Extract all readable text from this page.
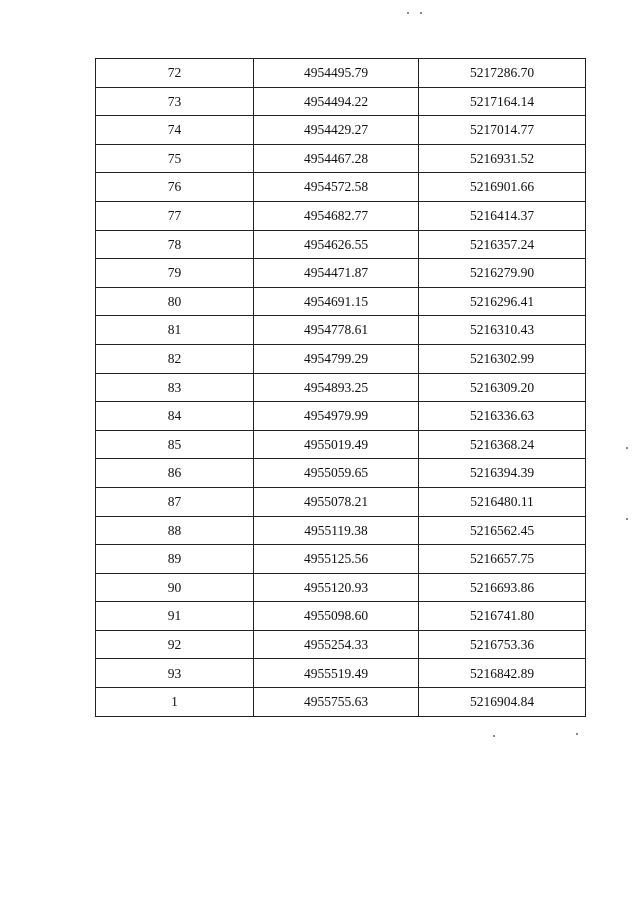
72	4954495.79	5217286.70
73	4954494.22	5217164.14
74	4954429.27	5217014.77
75	4954467.28	5216931.52
76	4954572.58	5216901.66
77	4954682.77	5216414.37
78	4954626.55	5216357.24
79	4954471.87	5216279.90
80	4954691.15	5216296.41
81	4954778.61	5216310.43
82	4954799.29	5216302.99
83	4954893.25	5216309.20
84	4954979.99	5216336.63
85	4955019.49	5216368.24
86	4955059.65	5216394.39
87	4955078.21	5216480.11
88	4955119.38	5216562.45
89	4955125.56	5216657.75
90	4955120.93	5216693.86
91	4955098.60	5216741.80
92	4955254.33	5216753.36
93	4955519.49	5216842.89
1	4955755.63	5216904.84
